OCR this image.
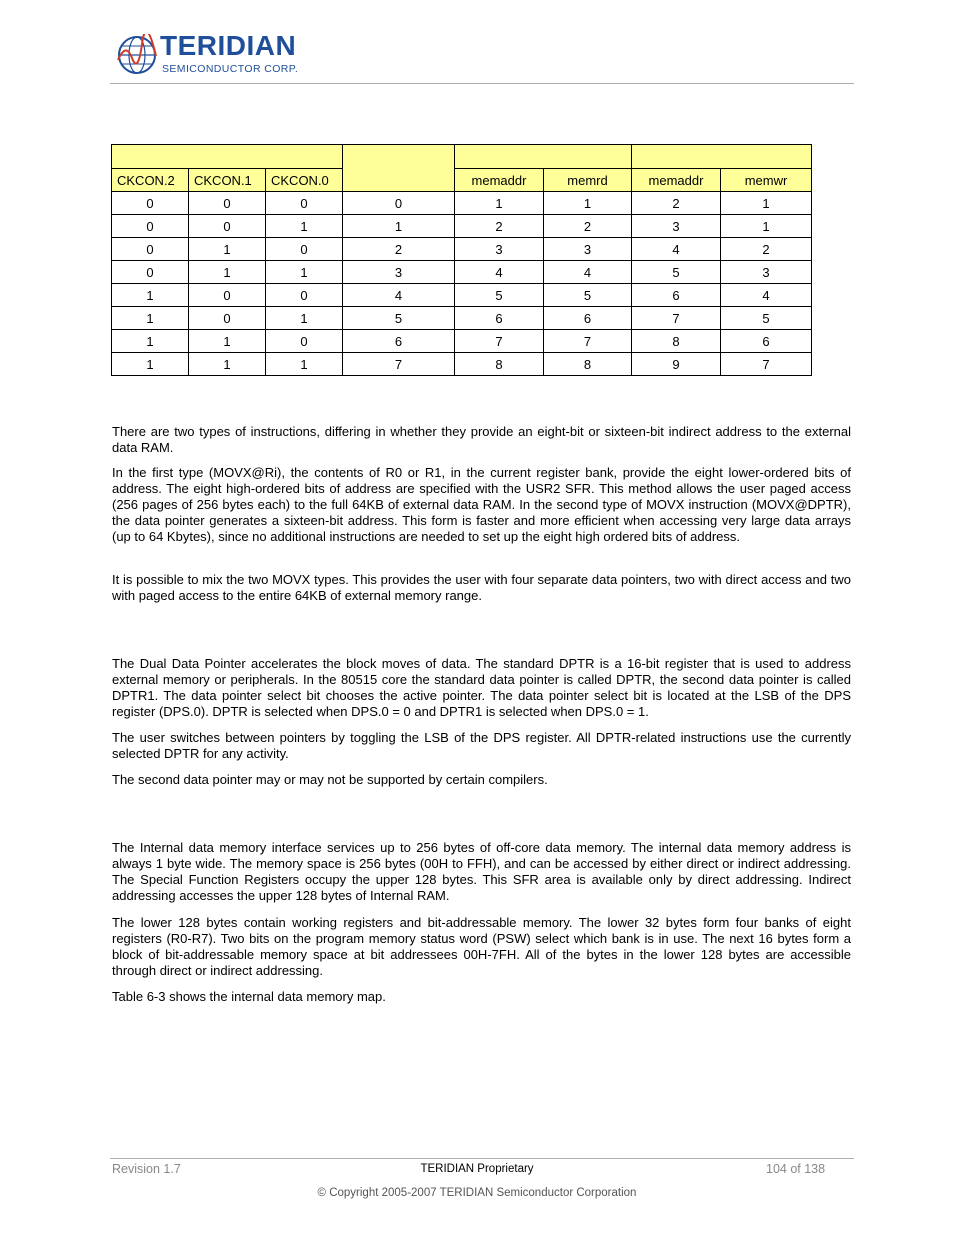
TERIDIAN
SEMICONDUCTOR CORP.

CKCON.2	CKCON.1	CKCON.0		memaddr	memrd	memaddr	memwr
0	0	0	0	1	1	2	1
0	0	1	1	2	2	3	1
0	1	0	2	3	3	4	2
0	1	1	3	4	4	5	3
1	0	0	4	5	5	6	4
1	0	1	5	6	6	7	5
1	1	0	6	7	7	8	6
1	1	1	7	8	8	9	7

There are two types of instructions, differing in whether they provide an eight-bit or sixteen-bit indirect address to the external data RAM.

In the first type (MOVX@Ri), the contents of R0 or R1, in the current register bank, provide the eight lower-ordered bits of address. The eight high-ordered bits of address are specified with the USR2 SFR. This method allows the user paged access (256 pages of 256 bytes each) to the full 64KB of external data RAM. In the second type of MOVX instruction (MOVX@DPTR), the data pointer generates a sixteen-bit address. This form is faster and more efficient when accessing very large data arrays (up to 64 Kbytes), since no additional instructions are needed to set up the eight high ordered bits of address.

It is possible to mix the two MOVX types. This provides the user with four separate data pointers, two with direct access and two with paged access to the entire 64KB of external memory range.

The Dual Data Pointer accelerates the block moves of data. The standard DPTR is a 16-bit register that is used to address external memory or peripherals. In the 80515 core the standard data pointer is called DPTR, the second data pointer is called DPTR1. The data pointer select bit chooses the active pointer. The data pointer select bit is located at the LSB of the DPS register (DPS.0). DPTR is selected when DPS.0 = 0 and DPTR1 is selected when DPS.0 = 1.

The user switches between pointers by toggling the LSB of the DPS register. All DPTR-related instructions use the currently selected DPTR for any activity.

The second data pointer may or may not be supported by certain compilers.

The Internal data memory interface services up to 256 bytes of off-core data memory. The internal data memory address is always 1 byte wide. The memory space is 256 bytes (00H to FFH), and can be accessed by either direct or indirect addressing. The Special Function Registers occupy the upper 128 bytes. This SFR area is available only by direct addressing. Indirect addressing accesses the upper 128 bytes of Internal RAM.

The lower 128 bytes contain working registers and bit-addressable memory. The lower 32 bytes form four banks of eight registers (R0-R7). Two bits on the program memory status word (PSW) select which bank is in use. The next 16 bytes form a block of bit-addressable memory space at bit addressees 00H-7FH. All of the bytes in the lower 128 bytes are accessible through direct or indirect addressing.

Table 6-3 shows the internal data memory map.

Revision 1.7	TERIDIAN Proprietary	104 of 138
© Copyright 2005-2007 TERIDIAN Semiconductor Corporation
